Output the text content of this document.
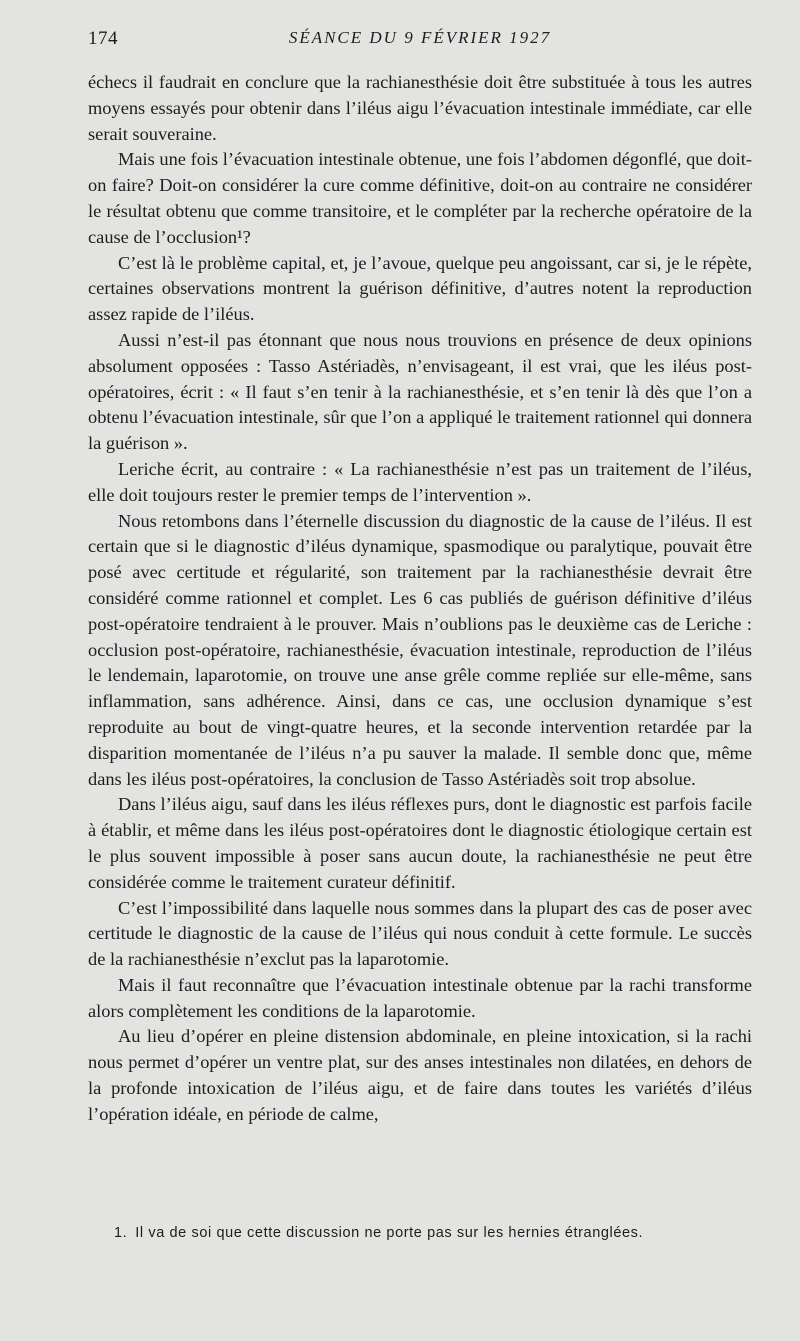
174	SÉANCE DU 9 FÉVRIER 1927

échecs il faudrait en conclure que la rachianesthésie doit être substituée à tous les autres moyens essayés pour obtenir dans l’iléus aigu l’évacuation intestinale immédiate, car elle serait souveraine.

Mais une fois l’évacuation intestinale obtenue, une fois l’abdomen dégonflé, que doit-on faire? Doit-on considérer la cure comme définitive, doit-on au contraire ne considérer le résultat obtenu que comme transitoire, et le compléter par la recherche opératoire de la cause de l’occlusion¹?

C’est là le problème capital, et, je l’avoue, quelque peu angoissant, car si, je le répète, certaines observations montrent la guérison définitive, d’autres notent la reproduction assez rapide de l’iléus.

Aussi n’est-il pas étonnant que nous nous trouvions en présence de deux opinions absolument opposées : Tasso Astériadès, n’envisageant, il est vrai, que les iléus post-opératoires, écrit : « Il faut s’en tenir à la rachianesthésie, et s’en tenir là dès que l’on a obtenu l’évacuation intestinale, sûr que l’on a appliqué le traitement rationnel qui donnera la guérison ».

Leriche écrit, au contraire : « La rachianesthésie n’est pas un traitement de l’iléus, elle doit toujours rester le premier temps de l’intervention ».

Nous retombons dans l’éternelle discussion du diagnostic de la cause de l’iléus. Il est certain que si le diagnostic d’iléus dynamique, spasmodique ou paralytique, pouvait être posé avec certitude et régularité, son traitement par la rachianesthésie devrait être considéré comme rationnel et complet. Les 6 cas publiés de guérison définitive d’iléus post-opératoire tendraient à le prouver. Mais n’oublions pas le deuxième cas de Leriche : occlusion post-opératoire, rachianesthésie, évacuation intestinale, reproduction de l’iléus le lendemain, laparotomie, on trouve une anse grêle comme repliée sur elle-même, sans inflammation, sans adhérence. Ainsi, dans ce cas, une occlusion dynamique s’est reproduite au bout de vingt-quatre heures, et la seconde intervention retardée par la disparition momentanée de l’iléus n’a pu sauver la malade. Il semble donc que, même dans les iléus post-opératoires, la conclusion de Tasso Astériadès soit trop absolue.

Dans l’iléus aigu, sauf dans les iléus réflexes purs, dont le diagnostic est parfois facile à établir, et même dans les iléus post-opératoires dont le diagnostic étiologique certain est le plus souvent impossible à poser sans aucun doute, la rachianesthésie ne peut être considérée comme le traitement curateur définitif.

C’est l’impossibilité dans laquelle nous sommes dans la plupart des cas de poser avec certitude le diagnostic de la cause de l’iléus qui nous conduit à cette formule. Le succès de la rachianesthésie n’exclut pas la laparotomie.

Mais il faut reconnaître que l’évacuation intestinale obtenue par la rachi transforme alors complètement les conditions de la laparotomie.

Au lieu d’opérer en pleine distension abdominale, en pleine intoxication, si la rachi nous permet d’opérer un ventre plat, sur des anses intestinales non dilatées, en dehors de la profonde intoxication de l’iléus aigu, et de faire dans toutes les variétés d’iléus l’opération idéale, en période de calme,

1. Il va de soi que cette discussion ne porte pas sur les hernies étranglées.
